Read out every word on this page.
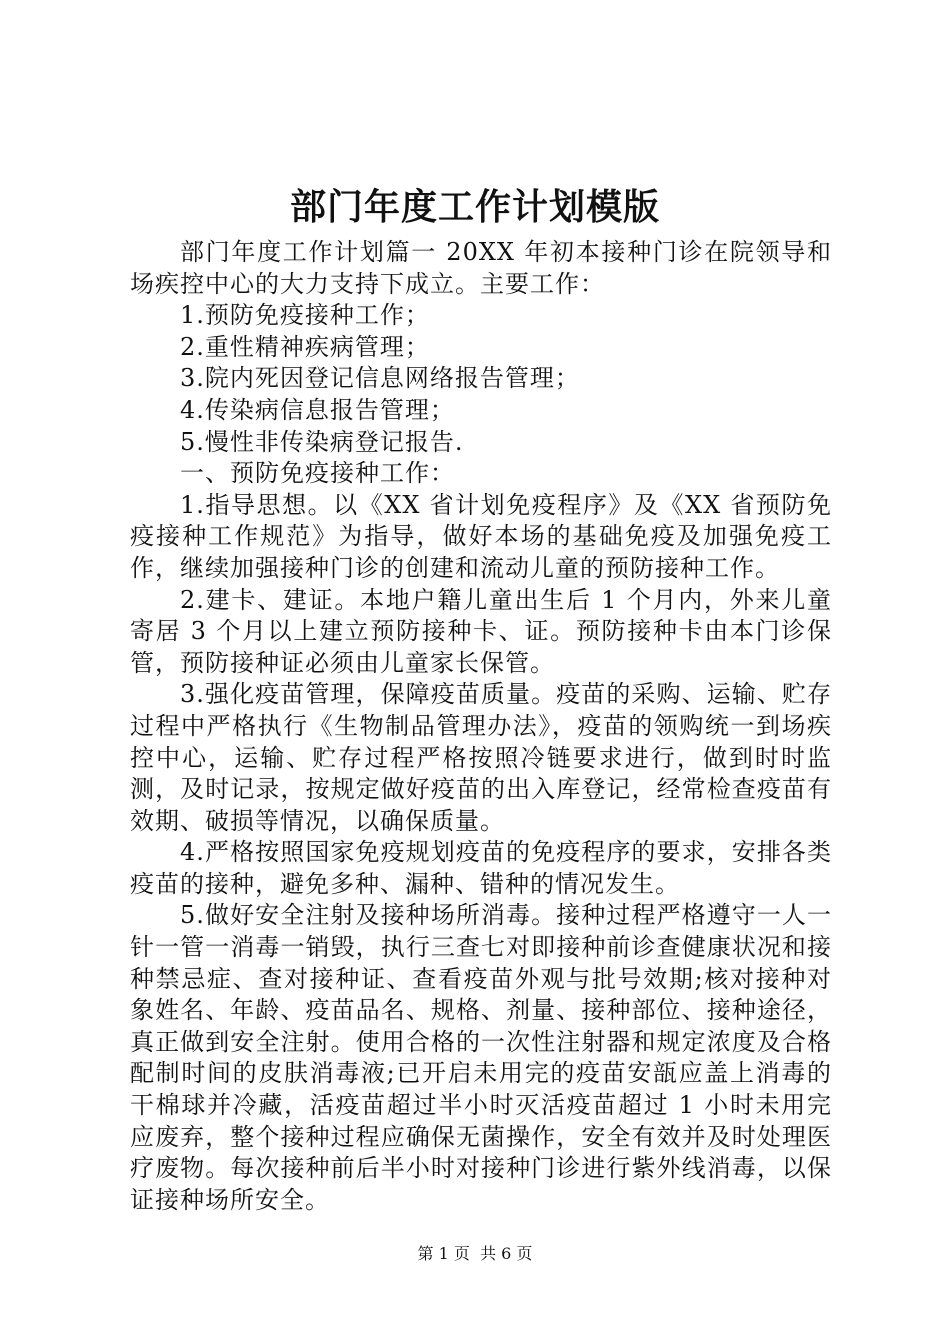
部门年度工作计划模版

部门年度工作计划篇一 20XX 年初本接种门诊在院领导和场疾控中心的大力支持下成立。主要工作：

1.预防免疫接种工作；

2.重性精神疾病管理；

3.院内死因登记信息网络报告管理；

4.传染病信息报告管理；

5.慢性非传染病登记报告.

一、预防免疫接种工作：

1.指导思想。以《XX 省计划免疫程序》及《XX 省预防免疫接种工作规范》为指导，做好本场的基础免疫及加强免疫工作，继续加强接种门诊的创建和流动儿童的预防接种工作。

2.建卡、建证。本地户籍儿童出生后 1 个月内，外来儿童寄居 3 个月以上建立预防接种卡、证。预防接种卡由本门诊保管，预防接种证必须由儿童家长保管。

3.强化疫苗管理，保障疫苗质量。疫苗的采购、运输、贮存过程中严格执行《生物制品管理办法》，疫苗的领购统一到场疾控中心，运输、贮存过程严格按照冷链要求进行，做到时时监测，及时记录，按规定做好疫苗的出入库登记，经常检查疫苗有效期、破损等情况，以确保质量。

4.严格按照国家免疫规划疫苗的免疫程序的要求，安排各类疫苗的接种，避免多种、漏种、错种的情况发生。

5.做好安全注射及接种场所消毒。接种过程严格遵守一人一针一管一消毒一销毁，执行三查七对即接种前诊查健康状况和接种禁忌症、查对接种证、查看疫苗外观与批号效期;核对接种对象姓名、年龄、疫苗品名、规格、剂量、接种部位、接种途径，真正做到安全注射。使用合格的一次性注射器和规定浓度及合格配制时间的皮肤消毒液;已开启未用完的疫苗安瓿应盖上消毒的干棉球并冷藏，活疫苗超过半小时灭活疫苗超过 1 小时未用完应废弃，整个接种过程应确保无菌操作，安全有效并及时处理医疗废物。每次接种前后半小时对接种门诊进行紫外线消毒，以保证接种场所安全。

第 1 页 共 6 页
